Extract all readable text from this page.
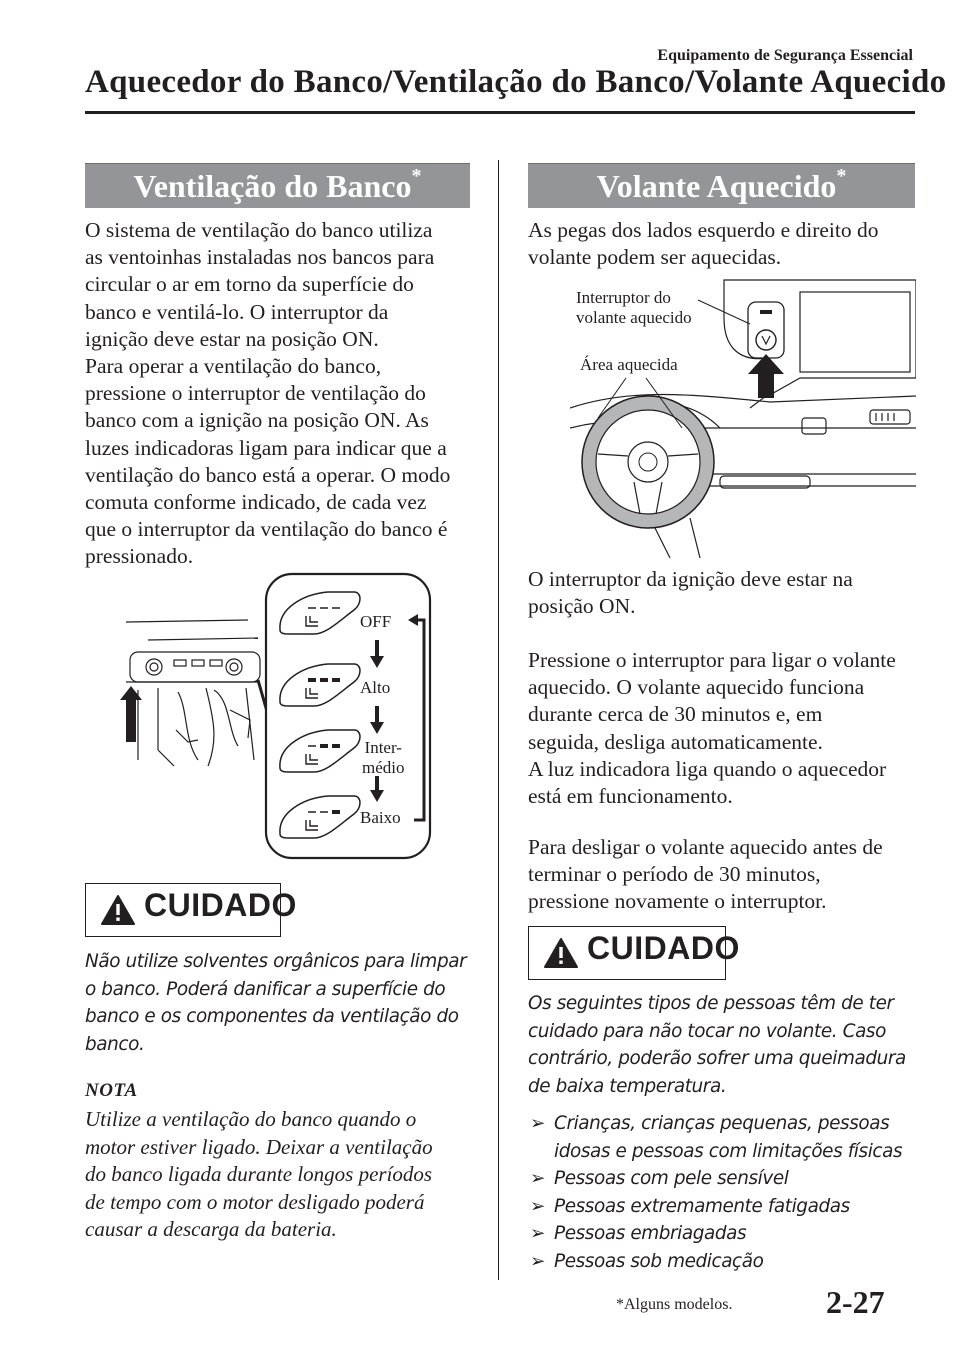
Equipamento de Segurança Essencial
Aquecedor do Banco/Ventilação do Banco/Volante Aquecido
Ventilação do Banco*
O sistema de ventilação do banco utiliza
as ventoinhas instaladas nos bancos para
circular o ar em torno da superfície do
banco e ventilá-lo. O interruptor da
ignição deve estar na posição ON.
Para operar a ventilação do banco,
pressione o interruptor de ventilação do
banco com a ignição na posição ON. As
luzes indicadoras ligam para indicar que a
ventilação do banco está a operar. O modo
comuta conforme indicado, de cada vez
que o interruptor da ventilação do banco é
pressionado.
OFF
Alto
Inter-
médio
Baixo
CUIDADO
Não utilize solventes orgânicos para limpar
o banco. Poderá danificar a superfície do
banco e os componentes da ventilação do
banco.
NOTA
Utilize a ventilação do banco quando o
motor estiver ligado. Deixar a ventilação
do banco ligada durante longos períodos
de tempo com o motor desligado poderá
causar a descarga da bateria.
Volante Aquecido*
As pegas dos lados esquerdo e direito do
volante podem ser aquecidas.
Interruptor do
volante aquecido
Área aquecida
O interruptor da ignição deve estar na
posição ON.
Pressione o interruptor para ligar o volante
aquecido. O volante aquecido funciona
durante cerca de 30 minutos e, em
seguida, desliga automaticamente.
A luz indicadora liga quando o aquecedor
está em funcionamento.
Para desligar o volante aquecido antes de
terminar o período de 30 minutos,
pressione novamente o interruptor.
CUIDADO
Os seguintes tipos de pessoas têm de ter
cuidado para não tocar no volante. Caso
contrário, poderão sofrer uma queimadura
de baixa temperatura.
➢ Crianças, crianças pequenas, pessoas idosas e pessoas com limitações físicas
➢ Pessoas com pele sensível
➢ Pessoas extremamente fatigadas
➢ Pessoas embriagadas
➢ Pessoas sob medicação
*Alguns modelos.	2-27
